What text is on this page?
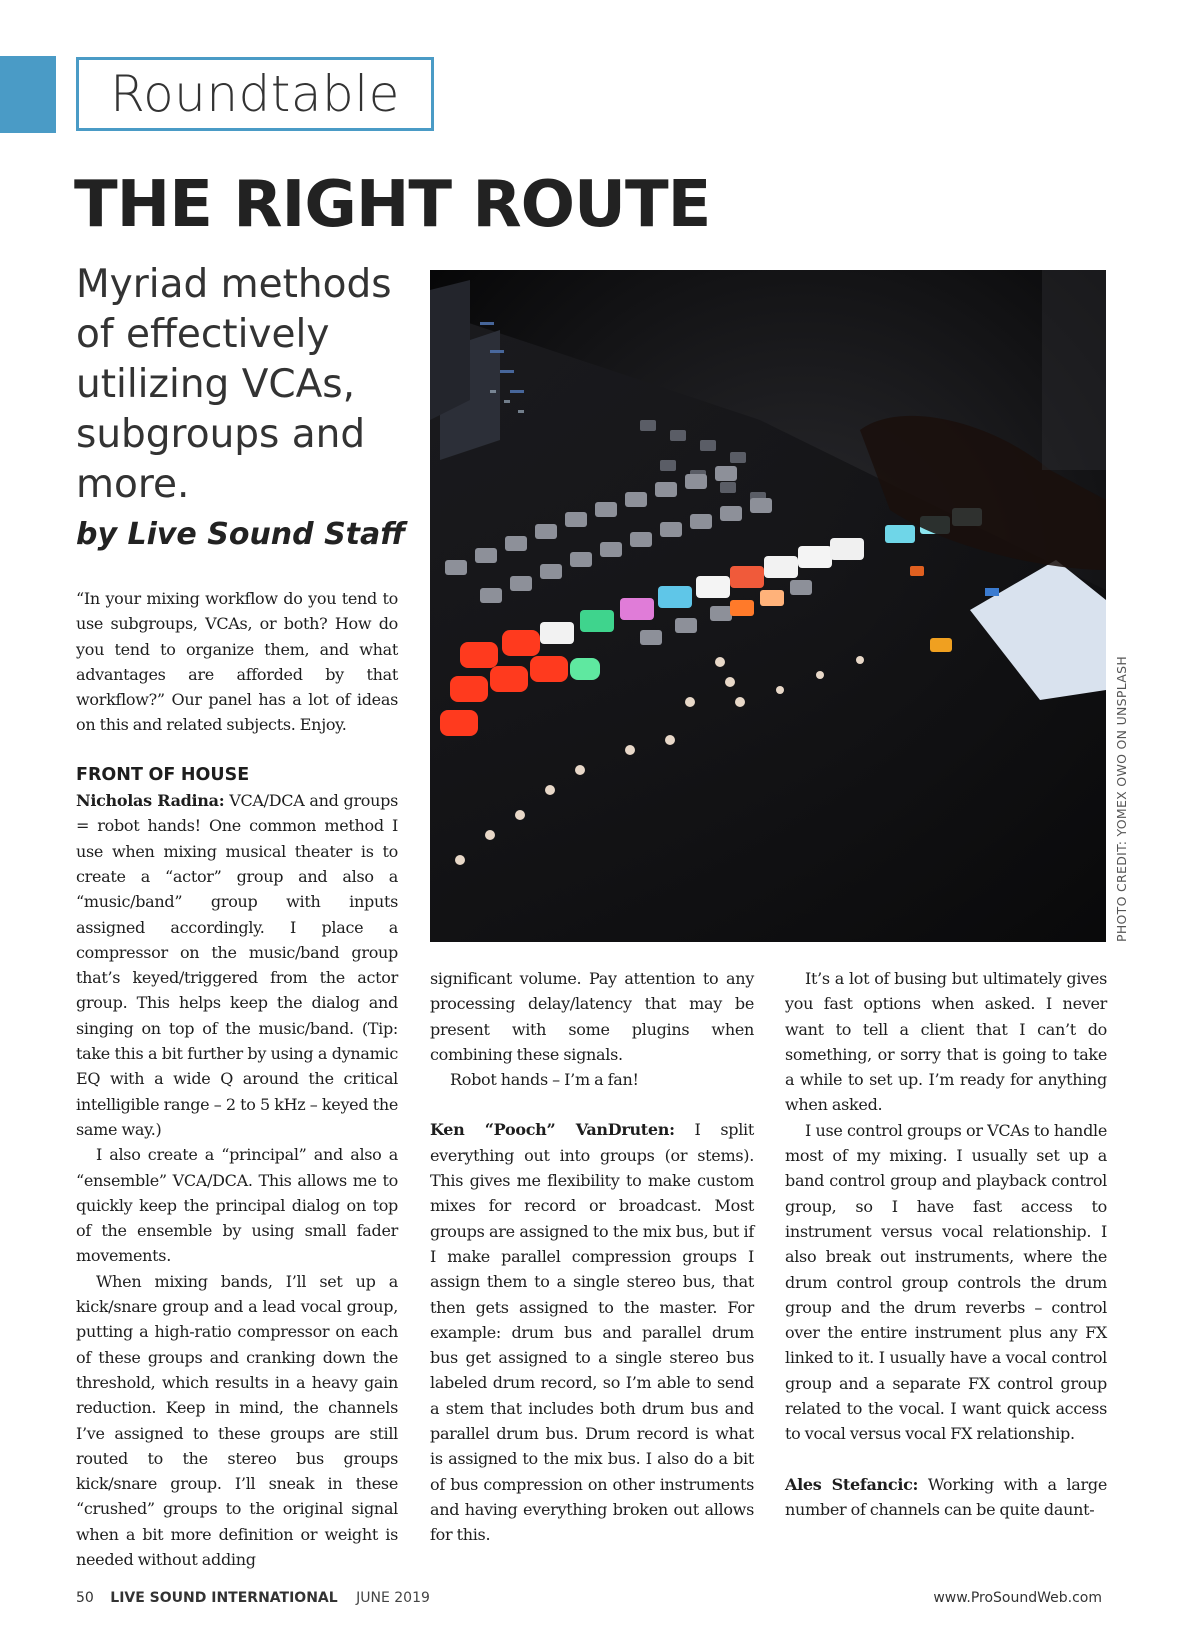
Roundtable
THE RIGHT ROUTE

Myriad methods of effectively utilizing VCAs, subgroups and more.

by Live Sound Staff
PHOTO CREDIT: YOMEX OWO ON UNSPLASH

“In your mixing workflow do you tend to use subgroups, VCAs, or both? How do you tend to organize them, and what advantages are afforded by that workflow?” Our panel has a lot of ideas on this and related subjects. Enjoy.

FRONT OF HOUSE

Nicholas Radina: VCA/DCA and groups = robot hands! One common method I use when mixing musical theater is to create a “actor” group and also a “music/band” group with inputs assigned accordingly. I place a compressor on the music/band group that’s keyed/triggered from the actor group. This helps keep the dialog and singing on top of the music/band. (Tip: take this a bit further by using a dynamic EQ with a wide Q around the critical intelligible range – 2 to 5 kHz – keyed the same way.)

I also create a “principal” and also a “ensemble” VCA/DCA. This allows me to quickly keep the principal dialog on top of the ensemble by using small fader movements.

When mixing bands, I’ll set up a kick/snare group and a lead vocal group, putting a high-ratio compressor on each of these groups and cranking down the threshold, which results in a heavy gain reduction. Keep in mind, the channels I’ve assigned to these groups are still routed to the stereo bus groups kick/snare group. I’ll sneak in these “crushed” groups to the original signal when a bit more definition or weight is needed without adding

significant volume. Pay attention to any processing delay/latency that may be present with some plugins when combining these signals.

Robot hands – I’m a fan!

Ken “Pooch” VanDruten: I split everything out into groups (or stems). This gives me flexibility to make custom mixes for record or broadcast. Most groups are assigned to the mix bus, but if I make parallel compression groups I assign them to a single stereo bus, that then gets assigned to the master. For example: drum bus and parallel drum bus get assigned to a single stereo bus labeled drum record, so I’m able to send a stem that includes both drum bus and parallel drum bus. Drum record is what is assigned to the mix bus. I also do a bit of bus compression on other instruments and having everything broken out allows for this.

It’s a lot of busing but ultimately gives you fast options when asked. I never want to tell a client that I can’t do something, or sorry that is going to take a while to set up. I’m ready for anything when asked.

I use control groups or VCAs to handle most of my mixing. I usually set up a band control group and playback control group, so I have fast access to instrument versus vocal relationship. I also break out instruments, where the drum control group controls the drum group and the drum reverbs – control over the entire instrument plus any FX linked to it. I usually have a vocal control group and a separate FX control group related to the vocal. I want quick access to vocal versus vocal FX relationship.

Ales Stefancic: Working with a large number of channels can be quite daunt-

50 LIVE SOUND INTERNATIONAL JUNE 2019	www.ProSoundWeb.com
